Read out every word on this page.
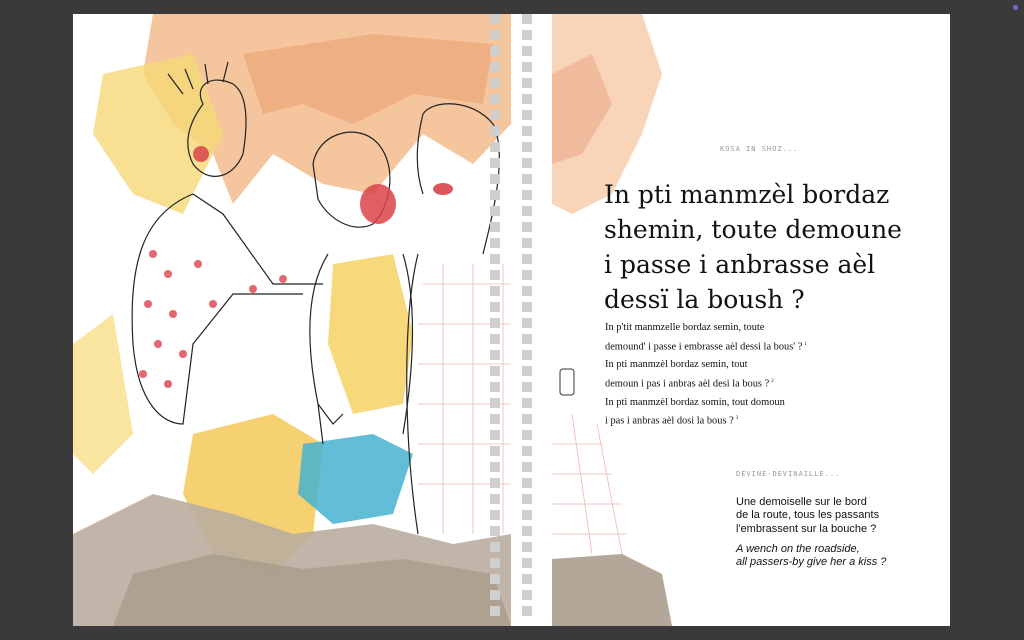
KOSA IN SHOZ...
In pti manmzèl bordaz
shemin, toute demoune
i passe i anbrasse aèl
dessï la boush ?

In p'tit manmzelle bordaz semin, toute
demound' i passe i embrasse aèl dessi la bous' ? $^1$

In pti manmzèl bordaz semin, tout
demoun i pas i anbras aèl desi la bous ? $^2$

In pti manmzèl bordaz somin, tout domoun
i pas i anbras aèl dosi la bous ? $^3$

DEVINE-DEVINAILLE...
Une demoiselle sur le bord
de la route, tous les passants
l'embrassent sur la bouche ?
A wench on the roadside,
all passers-by give her a kiss ?
